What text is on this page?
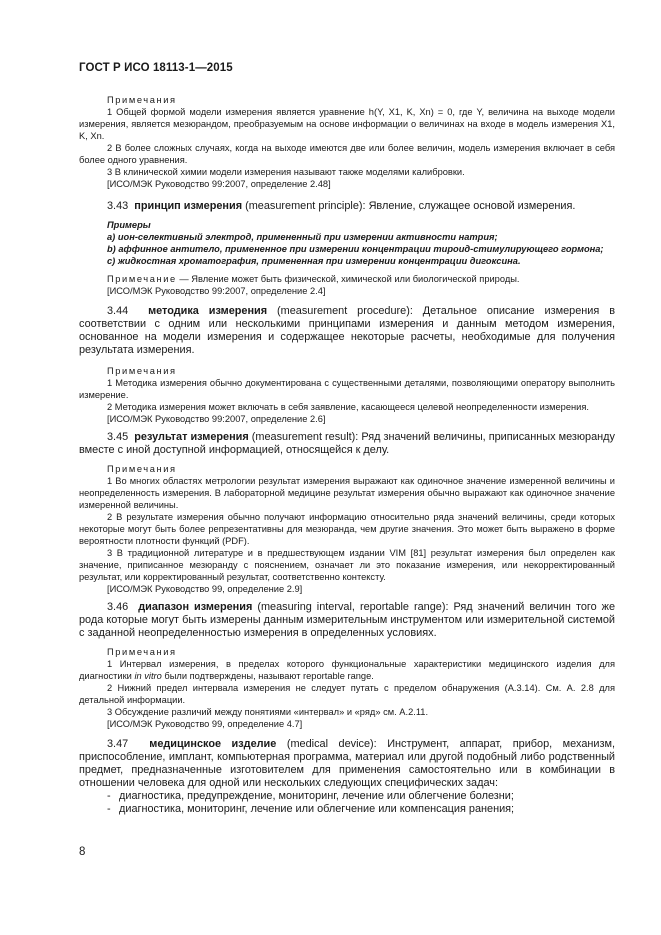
ГОСТ Р ИСО 18113-1—2015
Примечания

1 Общей формой модели измерения является уравнение h(Y, X1, K, Xn) = 0, где Y, величина на выходе модели измерения, является мезюрандом, преобразуемым на основе информации о величинах на входе в модель измерения X1, K, Xn.

2 В более сложных случаях, когда на выходе имеются две или более величин, модель измерения включает в себя более одного уравнения.

3 В клинической химии модели измерения называют также моделями калибровки.

[ИСО/МЭК Руководство 99:2007, определение 2.48]

3.43 принцип измерения (measurement principle): Явление, служащее основой измерения.

Примеры

а) ион-селективный электрод, примененный при измерении активности натрия;

b) аффинное антитело, примененное при измерении концентрации тироид-стимулирующего гормона;

с) жидкостная хроматография, примененная при измерении концентрации дигоксина.

Примечание — Явление может быть физической, химической или биологической природы.

[ИСО/МЭК Руководство 99:2007, определение 2.4]

3.44 методика измерения (measurement procedure): Детальное описание измерения в соответствии с одним или несколькими принципами измерения и данным методом измерения, основанное на модели измерения и содержащее некоторые расчеты, необходимые для получения результата измерения.

Примечания

1 Методика измерения обычно документирована с существенными деталями, позволяющими оператору выполнить измерение.

2 Методика измерения может включать в себя заявление, касающееся целевой неопределенности измерения.

[ИСО/МЭК Руководство 99:2007, определение 2.6]

3.45 результат измерения (measurement result): Ряд значений величины, приписанных мезюранду вместе с иной доступной информацией, относящейся к делу.

Примечания

1 Во многих областях метрологии результат измерения выражают как одиночное значение измеренной величины и неопределенность измерения. В лабораторной медицине результат измерения обычно выражают как одиночное значение измеренной величины.

2 В результате измерения обычно получают информацию относительно ряда значений величины, среди которых некоторые могут быть более репрезентативны для мезюранда, чем другие значения. Это может быть выражено в форме вероятности плотности функций (PDF).

3 В традиционной литературе и в предшествующем издании VIM [81] результат измерения был определен как значение, приписанное мезюранду с пояснением, означает ли это показание измерения, или некорректированный результат, или корректированный результат, соответственно контексту.

[ИСО/МЭК Руководство 99, определение 2.9]

3.46 диапазон измерения (measuring interval, reportable range): Ряд значений величин того же рода которые могут быть измерены данным измерительным инструментом или измерительной системой с заданной неопределенностью измерения в определенных условиях.

Примечания

1 Интервал измерения, в пределах которого функциональные характеристики медицинского изделия для диагностики in vitro были подтверждены, называют reportable range.

2 Нижний предел интервала измерения не следует путать с пределом обнаружения (А.3.14). См. А. 2.8 для детальной информации.

3 Обсуждение различий между понятиями «интервал» и «ряд» см. А.2.11.

[ИСО/МЭК Руководство 99, определение 4.7]

3.47 медицинское изделие (medical device): Инструмент, аппарат, прибор, механизм, приспособление, имплант, компьютерная программа, материал или другой подобный либо родственный предмет, предназначенные изготовителем для применения самостоятельно или в комбинации в отношении человека для одной или нескольких следующих специфических задач:

- диагностика, предупреждение, мониторинг, лечение или облегчение болезни;
- диагностика, мониторинг, лечение или облегчение или компенсация ранения;
8
